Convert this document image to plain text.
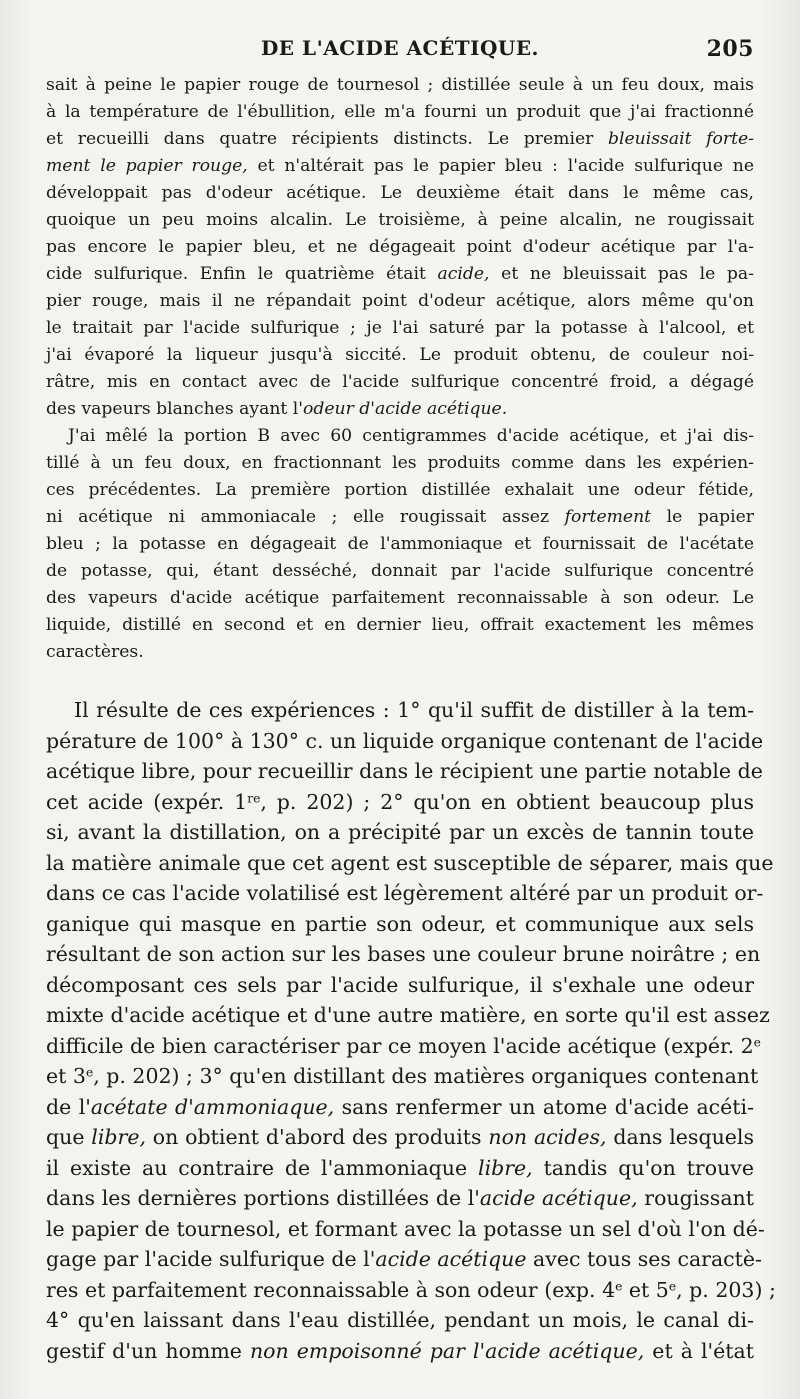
DE L'ACIDE ACÉTIQUE.	205
sait à peine le papier rouge de tournesol ; distillée seule à un feu doux, mais
à la température de l'ébullition, elle m'a fourni un produit que j'ai fractionné
et recueilli dans quatre récipients distincts. Le premier bleuissait forte-
ment le papier rouge, et n'altérait pas le papier bleu : l'acide sulfurique ne
développait pas d'odeur acétique. Le deuxième était dans le même cas,
quoique un peu moins alcalin. Le troisième, à peine alcalin, ne rougissait
pas encore le papier bleu, et ne dégageait point d'odeur acétique par l'a-
cide sulfurique. Enfin le quatrième était acide, et ne bleuissait pas le pa-
pier rouge, mais il ne répandait point d'odeur acétique, alors même qu'on
le traitait par l'acide sulfurique ; je l'ai saturé par la potasse à l'alcool, et
j'ai évaporé la liqueur jusqu'à siccité. Le produit obtenu, de couleur noi-
râtre, mis en contact avec de l'acide sulfurique concentré froid, a dégagé
des vapeurs blanches ayant l'odeur d'acide acétique.
J'ai mêlé la portion B avec 60 centigrammes d'acide acétique, et j'ai dis-
tillé à un feu doux, en fractionnant les produits comme dans les expérien-
ces précédentes. La première portion distillée exhalait une odeur fétide,
ni acétique ni ammoniacale ; elle rougissait assez fortement le papier
bleu ; la potasse en dégageait de l'ammoniaque et fournissait de l'acétate
de potasse, qui, étant desséché, donnait par l'acide sulfurique concentré
des vapeurs d'acide acétique parfaitement reconnaissable à son odeur. Le
liquide, distillé en second et en dernier lieu, offrait exactement les mêmes
caractères.
Il résulte de ces expériences : 1° qu'il suffit de distiller à la tem-
pérature de 100° à 130° c. un liquide organique contenant de l'acide
acétique libre, pour recueillir dans le récipient une partie notable de
cet acide (expér. 1re, p. 202) ; 2° qu'on en obtient beaucoup plus
si, avant la distillation, on a précipité par un excès de tannin toute
la matière animale que cet agent est susceptible de séparer, mais que
dans ce cas l'acide volatilisé est légèrement altéré par un produit or-
ganique qui masque en partie son odeur, et communique aux sels
résultant de son action sur les bases une couleur brune noirâtre ; en
décomposant ces sels par l'acide sulfurique, il s'exhale une odeur
mixte d'acide acétique et d'une autre matière, en sorte qu'il est assez
difficile de bien caractériser par ce moyen l'acide acétique (expér. 2e
et 3e, p. 202) ; 3° qu'en distillant des matières organiques contenant
de l'acétate d'ammoniaque, sans renfermer un atome d'acide acéti-
que libre, on obtient d'abord des produits non acides, dans lesquels
il existe au contraire de l'ammoniaque libre, tandis qu'on trouve
dans les dernières portions distillées de l'acide acétique, rougissant
le papier de tournesol, et formant avec la potasse un sel d'où l'on dé-
gage par l'acide sulfurique de l'acide acétique avec tous ses caractè-
res et parfaitement reconnaissable à son odeur (exp. 4e et 5e, p. 203) ;
4° qu'en laissant dans l'eau distillée, pendant un mois, le canal di-
gestif d'un homme non empoisonné par l'acide acétique, et à l'état
